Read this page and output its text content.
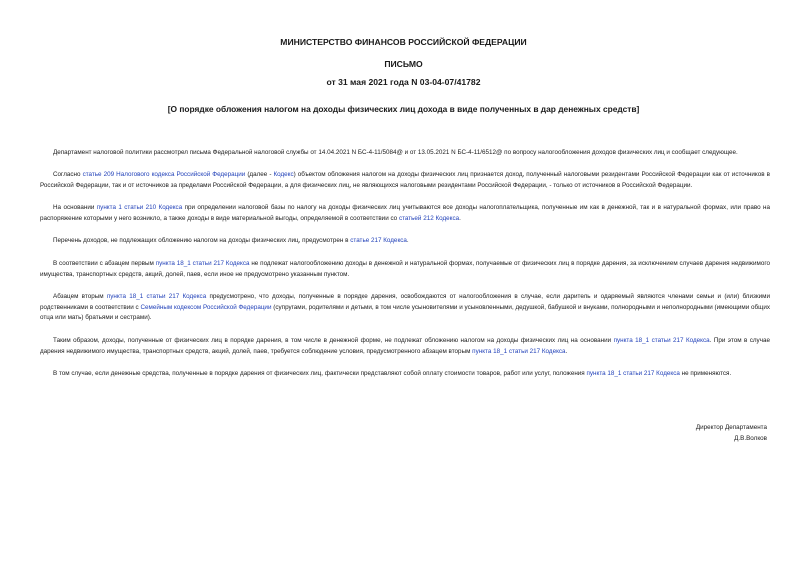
МИНИСТЕРСТВО ФИНАНСОВ РОССИЙСКОЙ ФЕДЕРАЦИИ
ПИСЬМО
от 31 мая 2021 года N 03-04-07/41782
[О порядке обложения налогом на доходы физических лиц дохода в виде полученных в дар денежных средств]

Департамент налоговой политики рассмотрел письма Федеральной налоговой службы от 14.04.2021 N БС-4-11/5084@ и от 13.05.2021 N БС-4-11/6512@ по вопросу налогообложения доходов физических лиц и сообщает следующее.

Согласно статье 209 Налогового кодекса Российской Федерации (далее - Кодекс) объектом обложения налогом на доходы физических лиц признается доход, полученный налоговыми резидентами Российской Федерации как от источников в Российской Федерации, так и от источников за пределами Российской Федерации, а для физических лиц, не являющихся налоговыми резидентами Российской Федерации, - только от источников в Российской Федерации.

На основании пункта 1 статьи 210 Кодекса при определении налоговой базы по налогу на доходы физических лиц учитываются все доходы налогоплательщика, полученные им как в денежной, так и в натуральной формах, или право на распоряжение которыми у него возникло, а также доходы в виде материальной выгоды, определяемой в соответствии со статьей 212 Кодекса.

Перечень доходов, не подлежащих обложению налогом на доходы физических лиц, предусмотрен в статье 217 Кодекса.

В соответствии с абзацем первым пункта 18_1 статьи 217 Кодекса не подлежат налогообложению доходы в денежной и натуральной формах, получаемые от физических лиц в порядке дарения, за исключением случаев дарения недвижимого имущества, транспортных средств, акций, долей, паев, если иное не предусмотрено указанным пунктом.

Абзацем вторым пункта 18_1 статьи 217 Кодекса предусмотрено, что доходы, полученные в порядке дарения, освобождаются от налогообложения в случае, если даритель и одаряемый являются членами семьи и (или) близкими родственниками в соответствии с Семейным кодексом Российской Федерации (супругами, родителями и детьми, в том числе усыновителями и усыновленными, дедушкой, бабушкой и внуками, полнородными и неполнородными (имеющими общих отца или мать) братьями и сестрами).

Таким образом, доходы, полученные от физических лиц в порядке дарения, в том числе в денежной форме, не подлежат обложению налогом на доходы физических лиц на основании пункта 18_1 статьи 217 Кодекса. При этом в случае дарения недвижимого имущества, транспортных средств, акций, долей, паев, требуется соблюдение условия, предусмотренного абзацем вторым пункта 18_1 статьи 217 Кодекса.

В том случае, если денежные средства, полученные в порядке дарения от физических лиц, фактически представляют собой оплату стоимости товаров, работ или услуг, положения пункта 18_1 статьи 217 Кодекса не применяются.

Директор Департамента
Д.В.Волков
